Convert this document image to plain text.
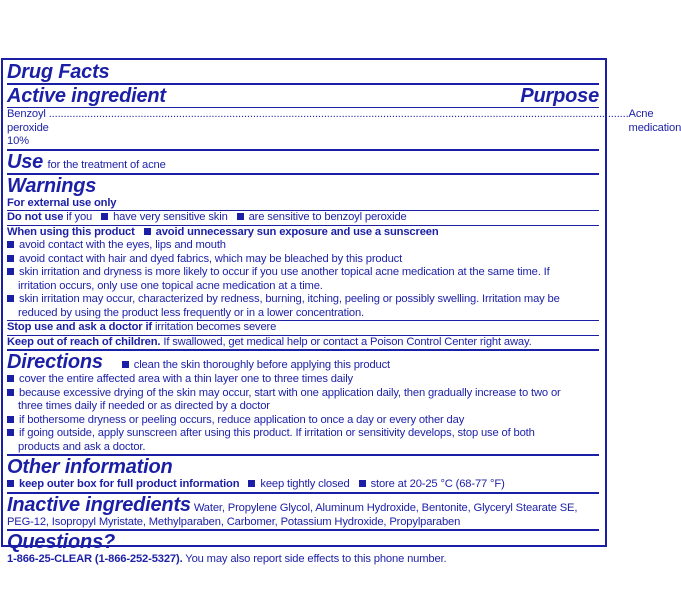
Drug Facts
Active ingredient	Purpose
Benzoyl peroxide 10%
.................................................................................................................................................................................................... Acne medication
Use for the treatment of acne
Warnings
For external use only
Do not use if you have very sensitive skin are sensitive to benzoyl peroxide
When using this product avoid unnecessary sun exposure and use a sunscreen
avoid contact with the eyes, lips and mouth
avoid contact with hair and dyed fabrics, which may be bleached by this product
skin irritation and dryness is more likely to occur if you use another topical acne medication at the same time. If
irritation occurs, only use one topical acne medication at a time.
skin irritation may occur, characterized by redness, burning, itching, peeling or possibly swelling. Irritation may be
reduced by using the product less frequently or in a lower concentration.
Stop use and ask a doctor if irritation becomes severe
Keep out of reach of children. If swallowed, get medical help or contact a Poison Control Center right away.
Directions	clean the skin thoroughly before applying this product
cover the entire affected area with a thin layer one to three times daily
because excessive drying of the skin may occur, start with one application daily, then gradually increase to two or
three times daily if needed or as directed by a doctor
if bothersome dryness or peeling occurs, reduce application to once a day or every other day
if going outside, apply sunscreen after using this product. If irritation or sensitivity develops, stop use of both
products and ask a doctor.
Other information
keep outer box for full product information keep tightly closed store at 20-25 °C (68-77 °F)
Inactive ingredients Water, Propylene Glycol, Aluminum Hydroxide, Bentonite, Glyceryl Stearate SE,
PEG-12, Isopropyl Myristate, Methylparaben, Carbomer, Potassium Hydroxide, Propylparaben
Questions?
1-866-25-CLEAR (1-866-252-5327). You may also report side effects to this phone number.
